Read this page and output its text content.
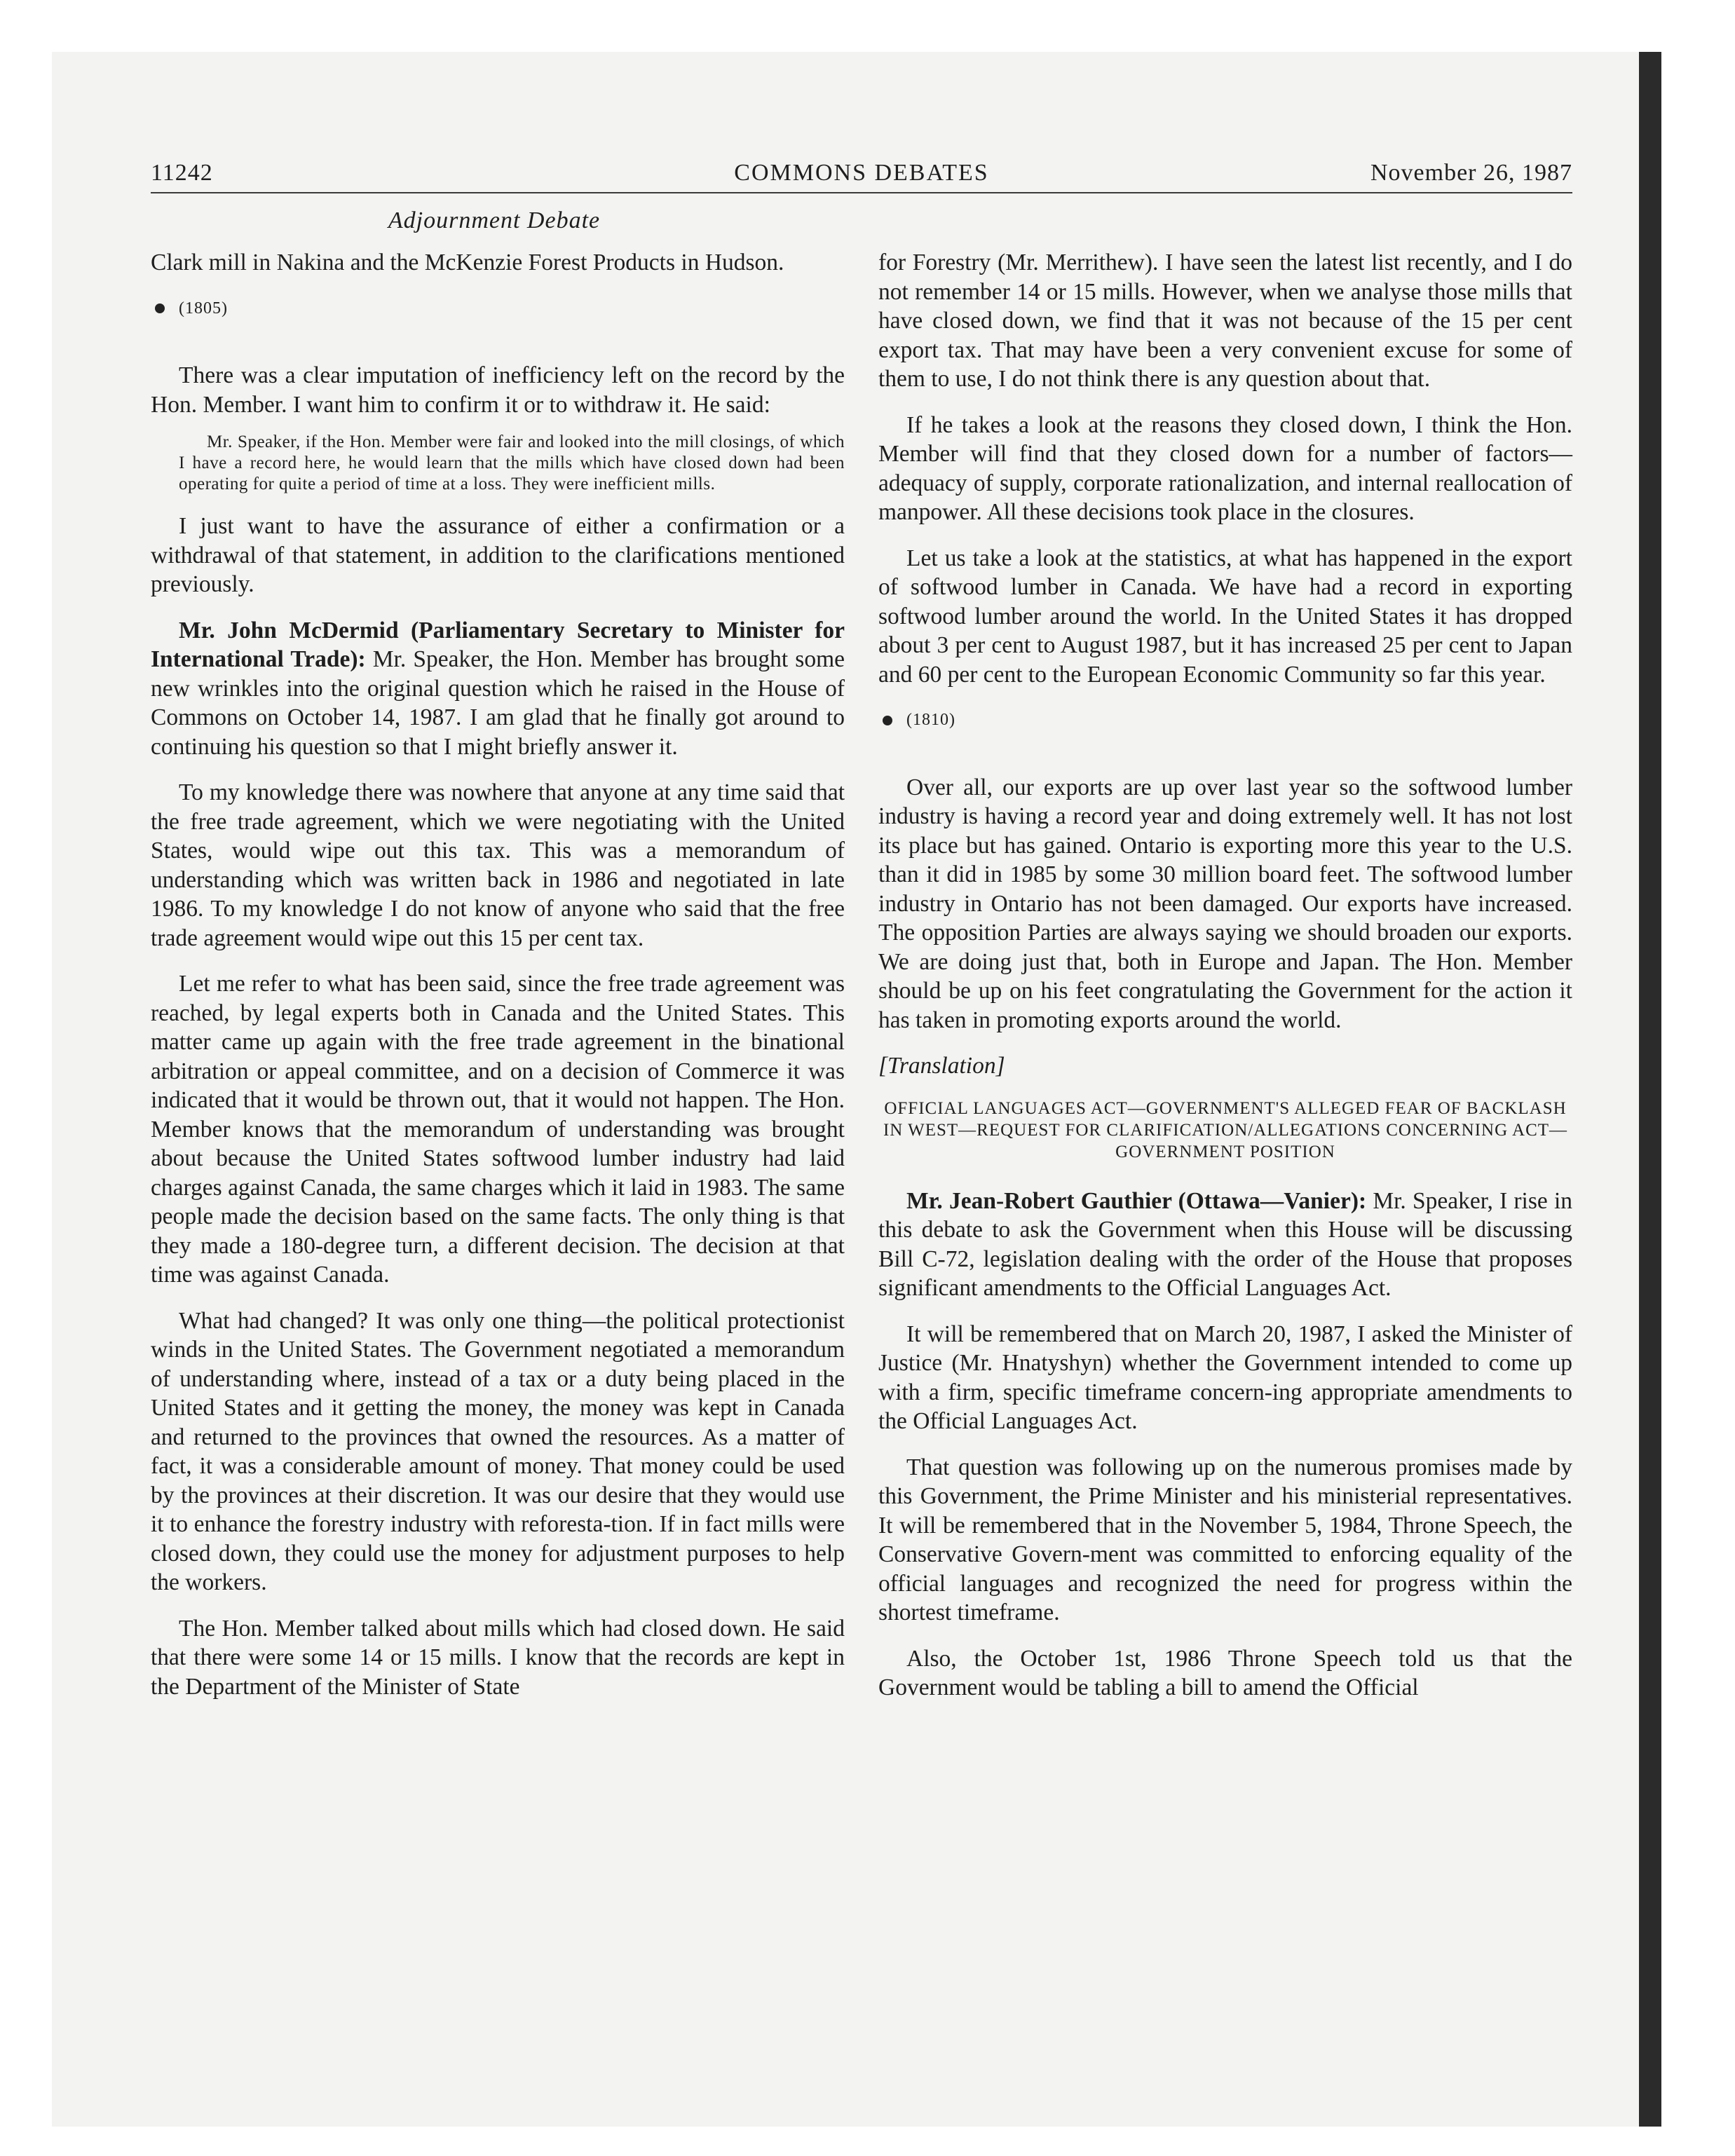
11242	COMMONS DEBATES	November 26, 1987
Adjournment Debate

Clark mill in Nakina and the McKenzie Forest Products in Hudson.

(1805)

There was a clear imputation of inefficiency left on the record by the Hon. Member. I want him to confirm it or to withdraw it. He said:

Mr. Speaker, if the Hon. Member were fair and looked into the mill closings, of which I have a record here, he would learn that the mills which have closed down had been operating for quite a period of time at a loss. They were inefficient mills.

I just want to have the assurance of either a confirmation or a withdrawal of that statement, in addition to the clarifications mentioned previously.

Mr. John McDermid (Parliamentary Secretary to Minister for International Trade): Mr. Speaker, the Hon. Member has brought some new wrinkles into the original question which he raised in the House of Commons on October 14, 1987. I am glad that he finally got around to continuing his question so that I might briefly answer it.

To my knowledge there was nowhere that anyone at any time said that the free trade agreement, which we were negotiating with the United States, would wipe out this tax. This was a memorandum of understanding which was written back in 1986 and negotiated in late 1986. To my knowledge I do not know of anyone who said that the free trade agreement would wipe out this 15 per cent tax.

Let me refer to what has been said, since the free trade agreement was reached, by legal experts both in Canada and the United States. This matter came up again with the free trade agreement in the binational arbitration or appeal committee, and on a decision of Commerce it was indicated that it would be thrown out, that it would not happen. The Hon. Member knows that the memorandum of understanding was brought about because the United States softwood lumber industry had laid charges against Canada, the same charges which it laid in 1983. The same people made the decision based on the same facts. The only thing is that they made a 180-degree turn, a different decision. The decision at that time was against Canada.

What had changed? It was only one thing—the political protectionist winds in the United States. The Government negotiated a memorandum of understanding where, instead of a tax or a duty being placed in the United States and it getting the money, the money was kept in Canada and returned to the provinces that owned the resources. As a matter of fact, it was a considerable amount of money. That money could be used by the provinces at their discretion. It was our desire that they would use it to enhance the forestry industry with reforesta-tion. If in fact mills were closed down, they could use the money for adjustment purposes to help the workers.

The Hon. Member talked about mills which had closed down. He said that there were some 14 or 15 mills. I know that the records are kept in the Department of the Minister of State

for Forestry (Mr. Merrithew). I have seen the latest list recently, and I do not remember 14 or 15 mills. However, when we analyse those mills that have closed down, we find that it was not because of the 15 per cent export tax. That may have been a very convenient excuse for some of them to use, I do not think there is any question about that.

If he takes a look at the reasons they closed down, I think the Hon. Member will find that they closed down for a number of factors—adequacy of supply, corporate rationalization, and internal reallocation of manpower. All these decisions took place in the closures.

Let us take a look at the statistics, at what has happened in the export of softwood lumber in Canada. We have had a record in exporting softwood lumber around the world. In the United States it has dropped about 3 per cent to August 1987, but it has increased 25 per cent to Japan and 60 per cent to the European Economic Community so far this year.

(1810)

Over all, our exports are up over last year so the softwood lumber industry is having a record year and doing extremely well. It has not lost its place but has gained. Ontario is exporting more this year to the U.S. than it did in 1985 by some 30 million board feet. The softwood lumber industry in Ontario has not been damaged. Our exports have increased. The opposition Parties are always saying we should broaden our exports. We are doing just that, both in Europe and Japan. The Hon. Member should be up on his feet congratulating the Government for the action it has taken in promoting exports around the world.

[Translation]

OFFICIAL LANGUAGES ACT—GOVERNMENT'S ALLEGED FEAR OF BACKLASH IN WEST—REQUEST FOR CLARIFICATION/ALLEGATIONS CONCERNING ACT—GOVERNMENT POSITION

Mr. Jean-Robert Gauthier (Ottawa—Vanier): Mr. Speaker, I rise in this debate to ask the Government when this House will be discussing Bill C-72, legislation dealing with the order of the House that proposes significant amendments to the Official Languages Act.

It will be remembered that on March 20, 1987, I asked the Minister of Justice (Mr. Hnatyshyn) whether the Government intended to come up with a firm, specific timeframe concern-ing appropriate amendments to the Official Languages Act.

That question was following up on the numerous promises made by this Government, the Prime Minister and his ministerial representatives. It will be remembered that in the November 5, 1984, Throne Speech, the Conservative Govern-ment was committed to enforcing equality of the official languages and recognized the need for progress within the shortest timeframe.

Also, the October 1st, 1986 Throne Speech told us that the Government would be tabling a bill to amend the Official
